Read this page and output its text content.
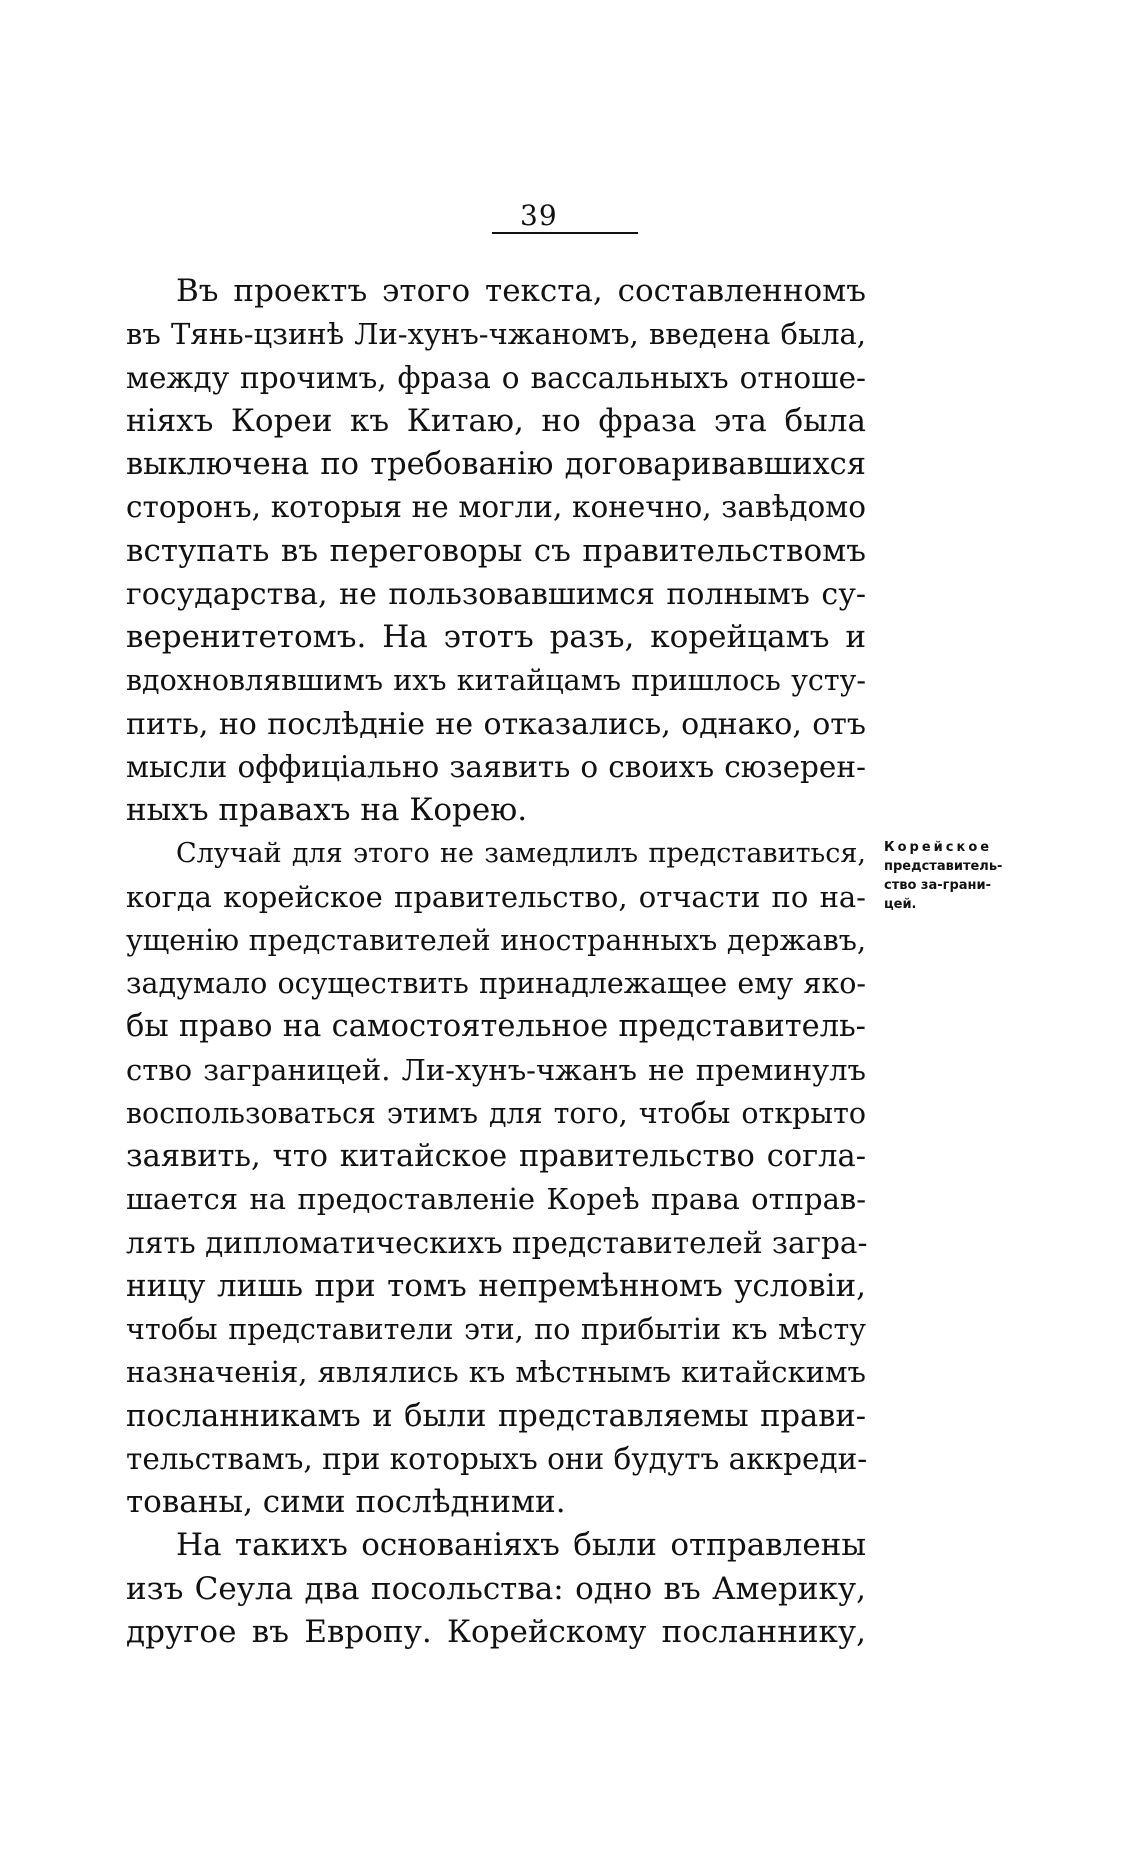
39
Въ проектъ этого текста, составленномъ
въ Тянь-цзинѣ Ли-хунъ-чжаномъ, введена была,
между прочимъ, фраза о вассальныхъ отноше-
ніяхъ Кореи къ Китаю, но фраза эта была
выключена по требованію договаривавшихся
сторонъ, которыя не могли, конечно, завѣдомо
вступать въ переговоры съ правительствомъ
государства, не пользовавшимся полнымъ су-
веренитетомъ. На этотъ разъ, корейцамъ и
вдохновлявшимъ ихъ китайцамъ пришлось усту-
пить, но послѣдніе не отказались, однако, отъ
мысли оффиціально заявить о своихъ сюзерен-
ныхъ правахъ на Корею.
Случай для этого не замедлилъ представиться,
когда корейское правительство, отчасти по на-
ущенію представителей иностранныхъ державъ,
задумало осуществить принадлежащее ему яко-
бы право на самостоятельное представитель-
ство заграницей. Ли-хунъ-чжанъ не преминулъ
воспользоваться этимъ для того, чтобы открыто
заявить, что китайское правительство согла-
шается на предоставленіе Кореѣ права отправ-
лять дипломатическихъ представителей загра-
ницу лишь при томъ непремѣнномъ условіи,
чтобы представители эти, по прибытіи къ мѣсту
назначенія, являлись къ мѣстнымъ китайскимъ
посланникамъ и были представляемы прави-
тельствамъ, при которыхъ они будутъ аккреди-
тованы, сими послѣдними.
На такихъ основаніяхъ были отправлены
изъ Сеула два посольства: одно въ Америку,
другое въ Европу. Корейскому посланнику,
Корейское
представитель-
ство за-грани-
цей.
